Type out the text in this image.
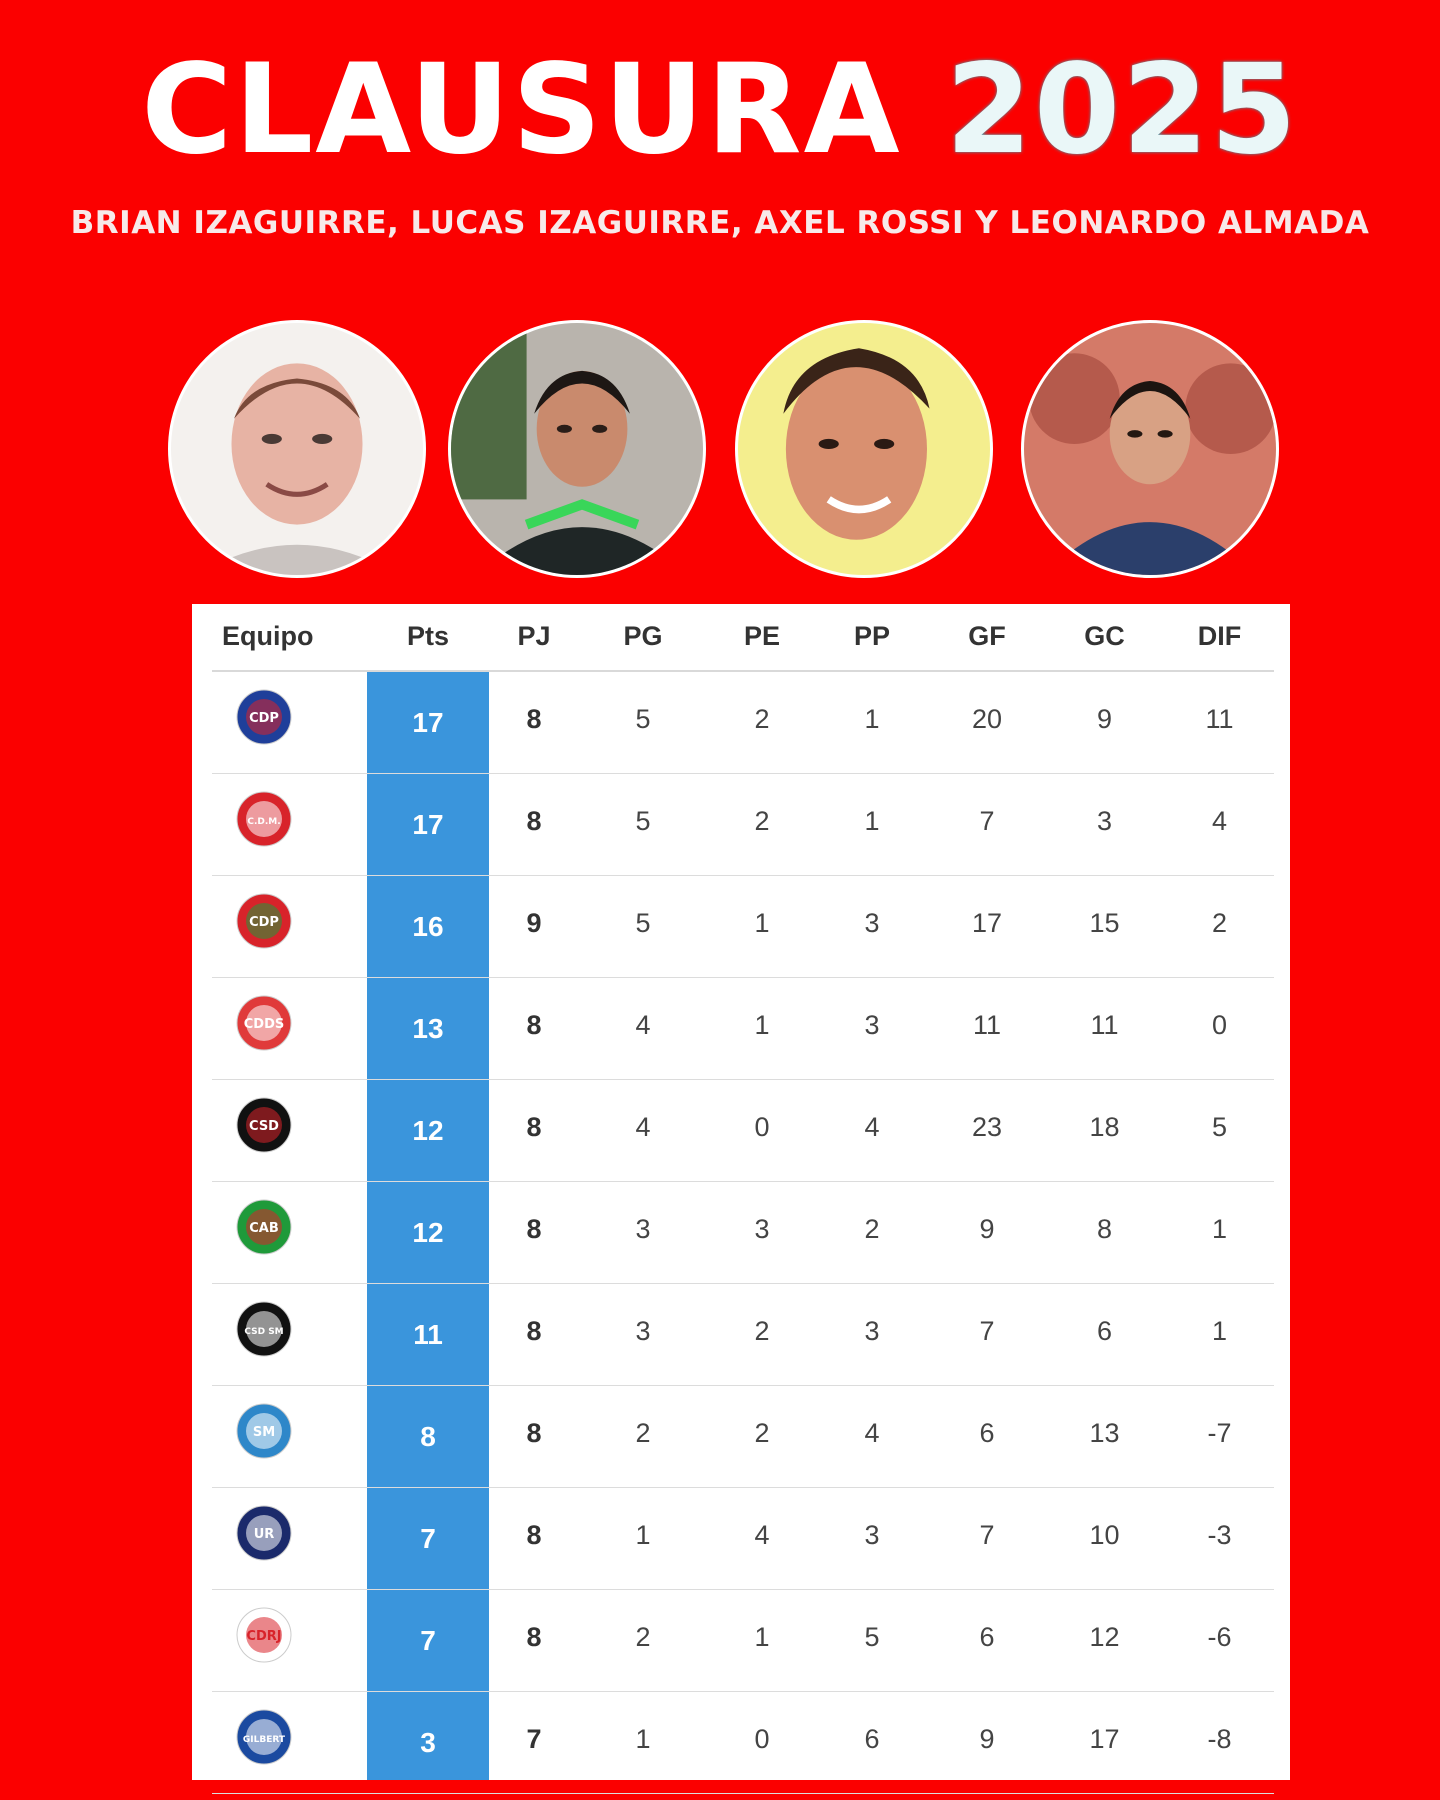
CLAUSURA 2025
BRIAN IZAGUIRRE, LUCAS IZAGUIRRE, AXEL ROSSI Y LEONARDO ALMADA
Equipo	Pts	PJ	PG	PE	PP	GF	GC	DIF
CDP	17	8	5	2	1	20	9	11
C.D.M.	17	8	5	2	1	7	3	4
CDP	16	9	5	1	3	17	15	2
CDDS	13	8	4	1	3	11	11	0
CSD	12	8	4	0	4	23	18	5
CAB	12	8	3	3	2	9	8	1
CSD SM	11	8	3	2	3	7	6	1
SM	8	8	2	2	4	6	13	-7
UR	7	8	1	4	3	7	10	-3
CDRJ	7	8	2	1	5	6	12	-6
GILBERT	3	7	1	0	6	9	17	-8
